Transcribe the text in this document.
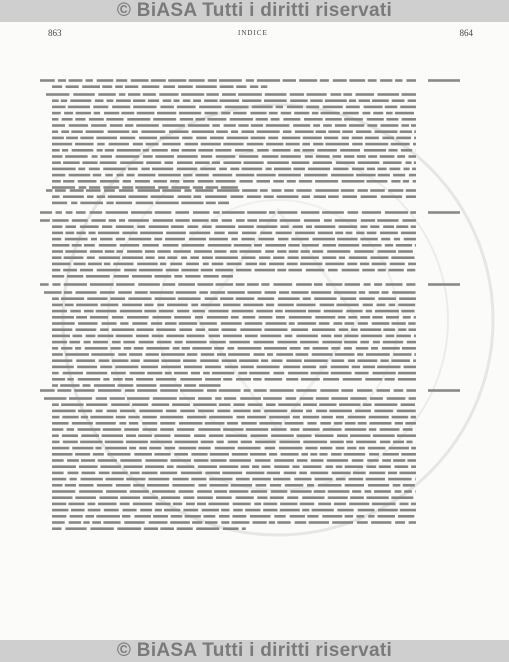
© BiASA Tutti i diritti riservati
863	INDICE	864
© BiASA Tutti i diritti riservati
